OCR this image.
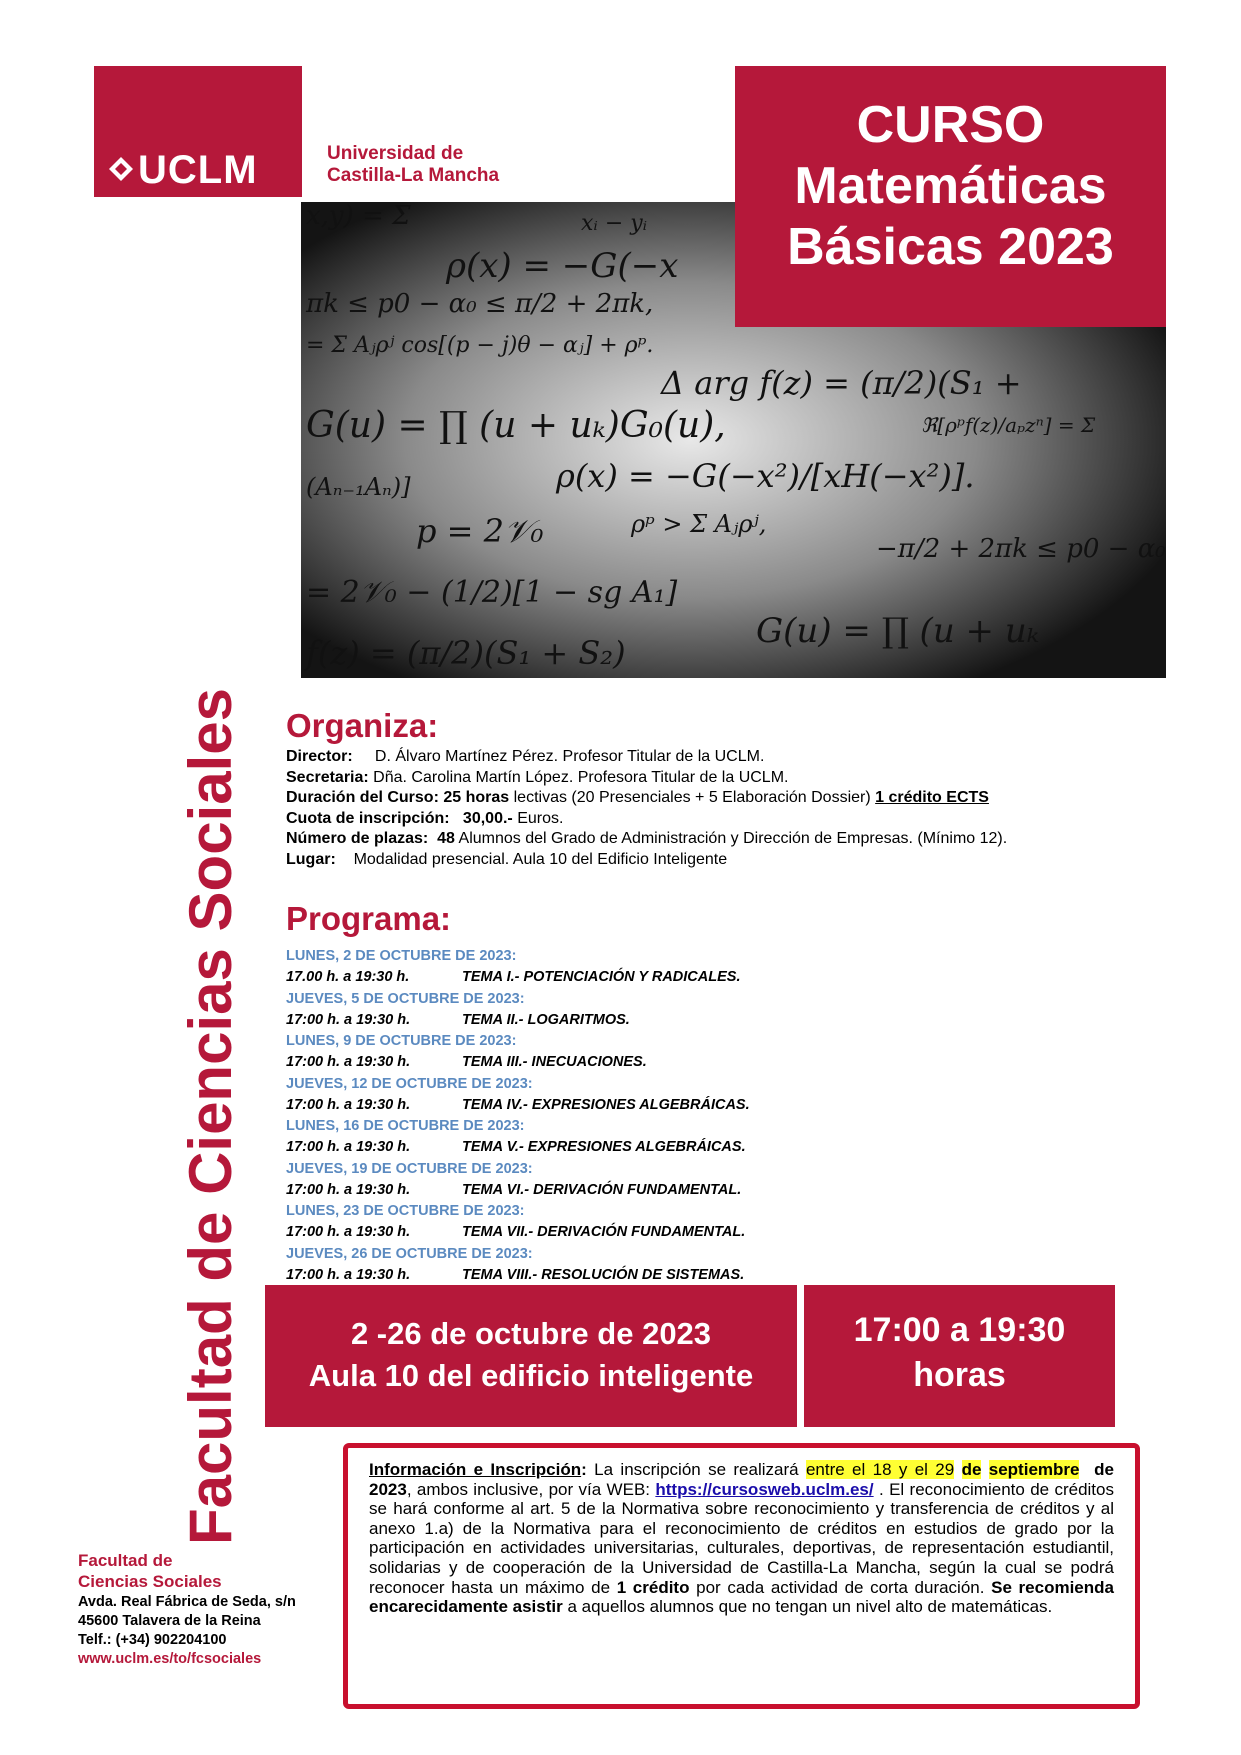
UCLM	Universidad de
Castilla-La Mancha
Facultad de Ciencias Sociales
x,y) = Σ	xᵢ − yᵢ
ρ(x) = −G(−x
πk ≤ p0 − α₀ ≤ π/2 + 2πk,
= Σ Aⱼρʲ cos[(p − j)θ − αⱼ] + ρᵖ.
Δ arg f(z) = (π/2)(S₁ +
G(u) = ∏ (u + uₖ)G₀(u),	ℜ[ρᵖf(z)/aₚzⁿ] = Σ
ρ(x) = −G(−x²)/[xH(−x²)].
(Aₙ₋₁Aₙ)]
p = 2𝒱₀	ρᵖ > Σ Aⱼρʲ,
−π/2 + 2πk ≤ p0 − α₀
= 2𝒱₀ − (1/2)[1 − sg A₁]
f(z) = (π/2)(S₁ + S₂)
G(u) = ∏ (u + uₖ
CURSO
Matemáticas
Básicas 2023
Organiza:
Director: D. Álvaro Martínez Pérez. Profesor Titular de la UCLM.
Secretaria: Dña. Carolina Martín López. Profesora Titular de la UCLM.
Duración del Curso: 25 horas lectivas (20 Presenciales + 5 Elaboración Dossier) 1 crédito ECTS
Cuota de inscripción: 30,00.- Euros.
Número de plazas: 48 Alumnos del Grado de Administración y Dirección de Empresas. (Mínimo 12).
Lugar: Modalidad presencial. Aula 10 del Edificio Inteligente
Programa:
LUNES, 2 DE OCTUBRE DE 2023:
17.00 h. a 19:30 h.	TEMA I.- POTENCIACIÓN Y RADICALES.
JUEVES, 5 DE OCTUBRE DE 2023:
17:00 h. a 19:30 h.	TEMA II.- LOGARITMOS.
LUNES, 9 DE OCTUBRE DE 2023:
17:00 h. a 19:30 h.	TEMA III.- INECUACIONES.
JUEVES, 12 DE OCTUBRE DE 2023:
17:00 h. a 19:30 h.	TEMA IV.- EXPRESIONES ALGEBRÁICAS.
LUNES, 16 DE OCTUBRE DE 2023:
17:00 h. a 19:30 h.	TEMA V.- EXPRESIONES ALGEBRÁICAS.
JUEVES, 19 DE OCTUBRE DE 2023:
17:00 h. a 19:30 h.	TEMA VI.- DERIVACIÓN FUNDAMENTAL.
LUNES, 23 DE OCTUBRE DE 2023:
17:00 h. a 19:30 h.	TEMA VII.- DERIVACIÓN FUNDAMENTAL.
JUEVES, 26 DE OCTUBRE DE 2023:
17:00 h. a 19:30 h.	TEMA VIII.- RESOLUCIÓN DE SISTEMAS.
2 -26 de octubre de 2023
Aula 10 del edificio inteligente
17:00 a 19:30
horas
Información e Inscripción: La inscripción se realizará entre el 18 y el 29 de septiembre de 2023, ambos inclusive, por vía WEB: https://cursosweb.uclm.es/ . El reconocimiento de créditos se hará conforme al art. 5 de la Normativa sobre reconocimiento y transferencia de créditos y al anexo 1.a) de la Normativa para el reconocimiento de créditos en estudios de grado por la participación en actividades universitarias, culturales, deportivas, de representación estudiantil, solidarias y de cooperación de la Universidad de Castilla-La Mancha, según la cual se podrá reconocer hasta un máximo de 1 crédito por cada actividad de corta duración. Se recomienda encarecidamente asistir a aquellos alumnos que no tengan un nivel alto de matemáticas.
Facultad de
Ciencias Sociales
Avda. Real Fábrica de Seda, s/n
45600 Talavera de la Reina
Telf.: (+34) 902204100
www.uclm.es/to/fcsociales
